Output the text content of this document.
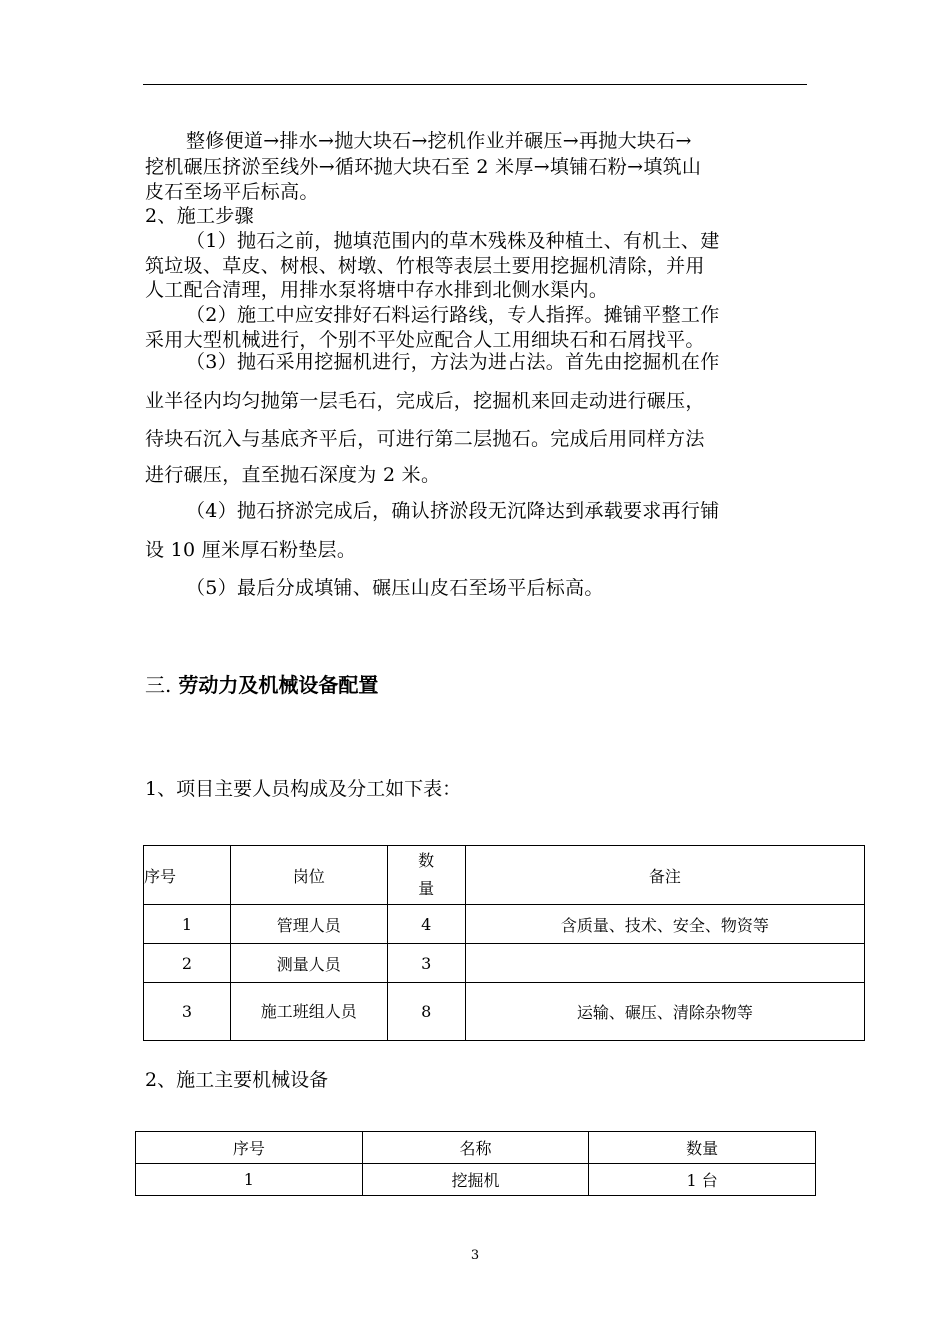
整修便道→排水→抛大块石→挖机作业并碾压→再抛大块石→
挖机碾压挤淤至线外→循环抛大块石至 2 米厚→填铺石粉→填筑山
皮石至场平后标高。
2、施工步骤
（1）抛石之前，抛填范围内的草木残株及种植土、有机土、建
筑垃圾、草皮、树根、树墩、竹根等表层土要用挖掘机清除，并用
人工配合清理，用排水泵将塘中存水排到北侧水渠内。
（2）施工中应安排好石料运行路线，专人指挥。摊铺平整工作
采用大型机械进行，个别不平处应配合人工用细块石和石屑找平。
（3）抛石采用挖掘机进行，方法为进占法。首先由挖掘机在作
业半径内均匀抛第一层毛石，完成后，挖掘机来回走动进行碾压，
待块石沉入与基底齐平后，可进行第二层抛石。完成后用同样方法
进行碾压，直至抛石深度为 2 米。
（4）抛石挤淤完成后，确认挤淤段无沉降达到承载要求再行铺
设 10 厘米厚石粉垫层。
（5）最后分成填铺、碾压山皮石至场平后标高。
三. 劳动力及机械设备配置
1、项目主要人员构成及分工如下表：
序号	岗位	数量	备注
1	管理人员	4	含质量、技术、安全、物资等
2	测量人员	3	
3	施工班组人员	8	运输、碾压、清除杂物等
2、施工主要机械设备
序号	名称	数量
1	挖掘机	1 台
3
